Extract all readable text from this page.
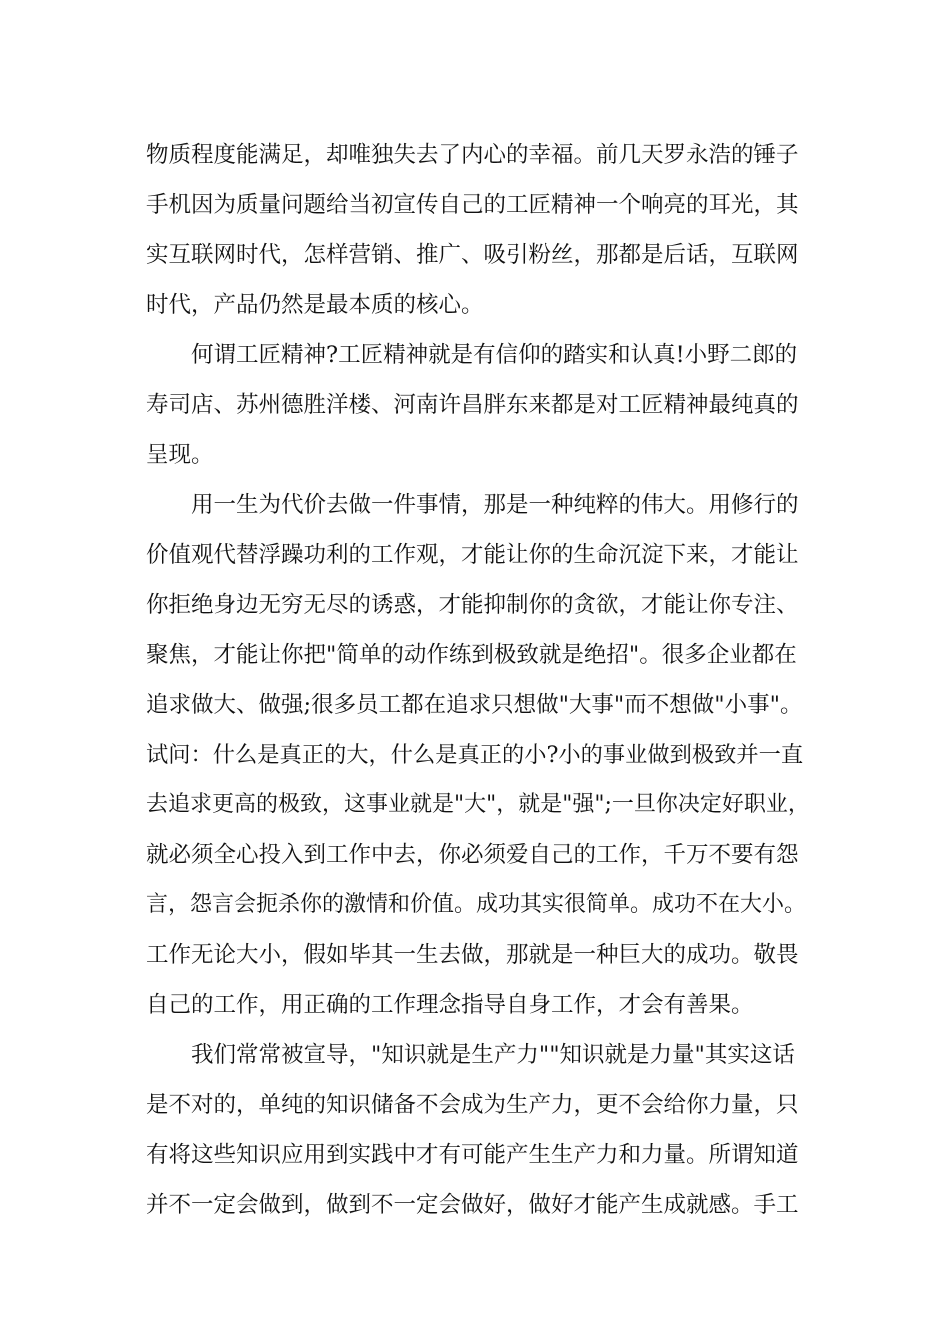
物质程度能满足，却唯独失去了内心的幸福。前几天罗永浩的锤子
手机因为质量问题给当初宣传自己的工匠精神一个响亮的耳光，其
实互联网时代，怎样营销、推广、吸引粉丝，那都是后话，互联网
时代，产品仍然是最本质的核心。
何谓工匠精神?工匠精神就是有信仰的踏实和认真!小野二郎的
寿司店、苏州德胜洋楼、河南许昌胖东来都是对工匠精神最纯真的
呈现。
用一生为代价去做一件事情，那是一种纯粹的伟大。用修行的
价值观代替浮躁功利的工作观，才能让你的生命沉淀下来，才能让
你拒绝身边无穷无尽的诱惑，才能抑制你的贪欲，才能让你专注、
聚焦，才能让你把"简单的动作练到极致就是绝招"。很多企业都在
追求做大、做强;很多员工都在追求只想做"大事"而不想做"小事"。
试问：什么是真正的大，什么是真正的小?小的事业做到极致并一直
去追求更高的极致，这事业就是"大"，就是"强";一旦你决定好职业，
就必须全心投入到工作中去，你必须爱自己的工作，千万不要有怨
言，怨言会扼杀你的激情和价值。成功其实很简单。成功不在大小。
工作无论大小，假如毕其一生去做，那就是一种巨大的成功。敬畏
自己的工作，用正确的工作理念指导自身工作，才会有善果。
我们常常被宣导，"知识就是生产力""知识就是力量"其实这话
是不对的，单纯的知识储备不会成为生产力，更不会给你力量，只
有将这些知识应用到实践中才有可能产生生产力和力量。所谓知道
并不一定会做到，做到不一定会做好，做好才能产生成就感。手工
